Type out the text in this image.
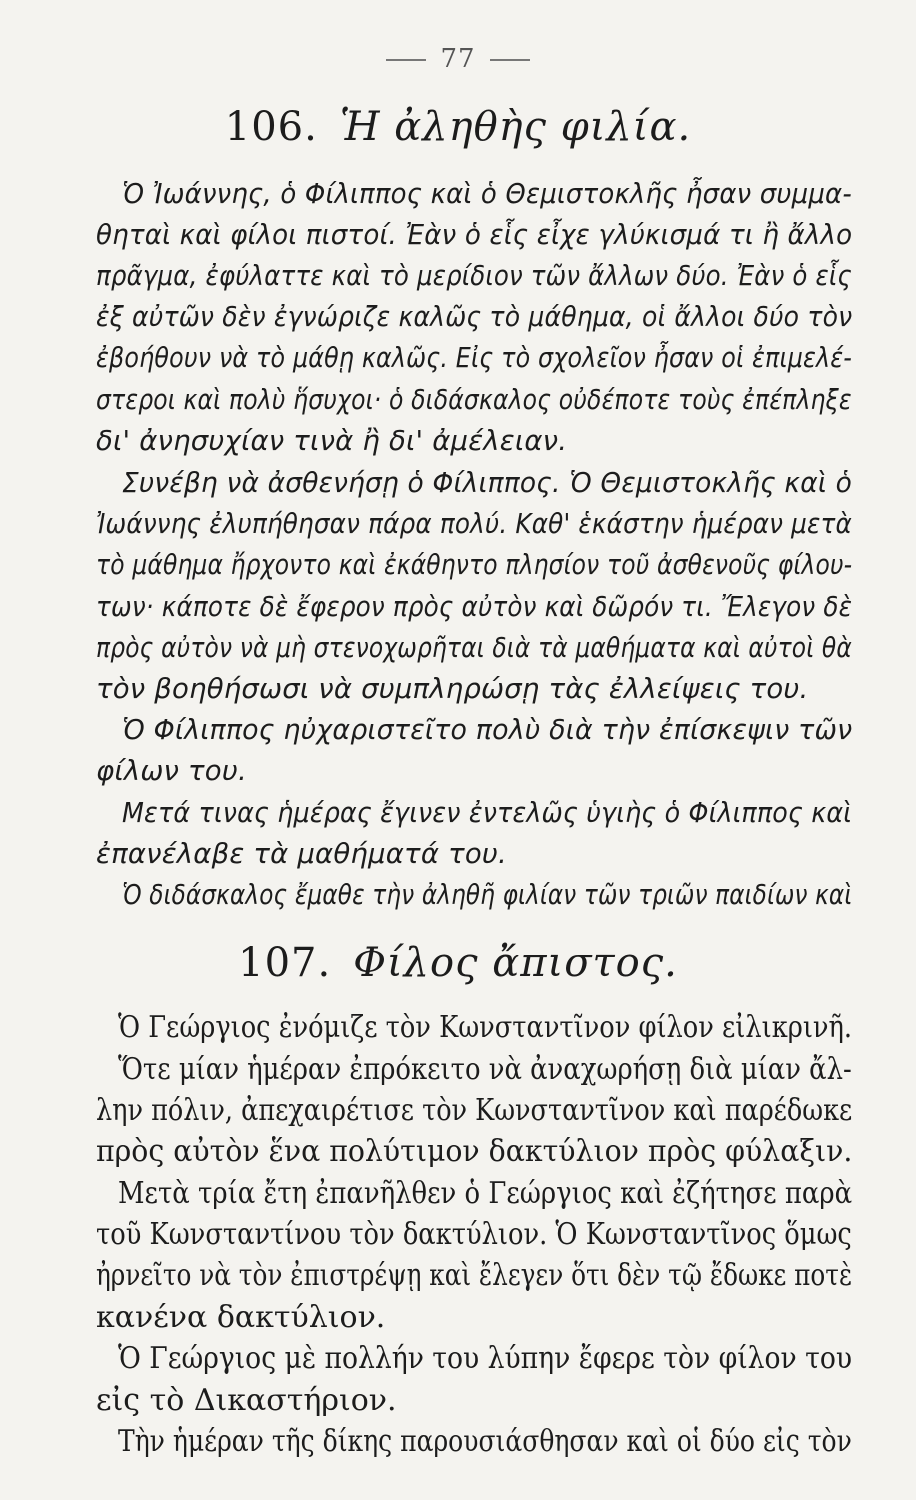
77
106. Ἡ ἀληθὴς φιλία.
Ὁ Ἰωάννης, ὁ Φίλιππος καὶ ὁ Θεμιστοκλῆς ἦσαν συμμα-
θηταὶ καὶ φίλοι πιστοί. Ἐὰν ὁ εἷς εἶχε γλύκισμά τι ἢ ἄλλο
πρᾶγμα, ἐφύλαττε καὶ τὸ μερίδιον τῶν ἄλλων δύο. Ἐὰν ὁ εἷς
ἐξ αὐτῶν δὲν ἐγνώριζε καλῶς τὸ μάθημα, οἱ ἄλλοι δύο τὸν
ἐβοήθουν νὰ τὸ μάθῃ καλῶς. Εἰς τὸ σχολεῖον ἦσαν οἱ ἐπιμελέ-
στεροι καὶ πολὺ ἥσυχοι· ὁ διδάσκαλος οὐδέποτε τοὺς ἐπέπληξε
δι' ἀνησυχίαν τινὰ ἢ δι' ἀμέλειαν.
Συνέβη νὰ ἀσθενήσῃ ὁ Φίλιππος. Ὁ Θεμιστοκλῆς καὶ ὁ
Ἰωάννης ἐλυπήθησαν πάρα πολύ. Καθ' ἑκάστην ἡμέραν μετὰ
τὸ μάθημα ἤρχοντο καὶ ἐκάθηντο πλησίον τοῦ ἀσθενοῦς φίλου-
των· κάποτε δὲ ἔφερον πρὸς αὐτὸν καὶ δῶρόν τι. Ἔλεγον δὲ
πρὸς αὐτὸν νὰ μὴ στενοχωρῆται διὰ τὰ μαθήματα καὶ αὐτοὶ θὰ
τὸν βοηθήσωσι νὰ συμπληρώσῃ τὰς ἐλλείψεις του.
Ὁ Φίλιππος ηὐχαριστεῖτο πολὺ διὰ τὴν ἐπίσκεψιν τῶν
φίλων του.
Μετά τινας ἡμέρας ἔγινεν ἐντελῶς ὑγιὴς ὁ Φίλιππος καὶ
ἐπανέλαβε τὰ μαθήματά του.
Ὁ διδάσκαλος ἔμαθε τὴν ἀληθῆ φιλίαν τῶν τριῶν παιδίων καὶ
107. Φίλος ἄπιστος.
Ὁ Γεώργιος ἐνόμιζε τὸν Κωνσταντῖνον φίλον εἰλικρινῆ.
Ὅτε μίαν ἡμέραν ἐπρόκειτο νὰ ἀναχωρήσῃ διὰ μίαν ἄλ-
λην πόλιν, ἀπεχαιρέτισε τὸν Κωνσταντῖνον καὶ παρέδωκε
πρὸς αὐτὸν ἕνα πολύτιμον δακτύλιον πρὸς φύλαξιν.
Μετὰ τρία ἔτη ἐπανῆλθεν ὁ Γεώργιος καὶ ἐζήτησε παρὰ
τοῦ Κωνσταντίνου τὸν δακτύλιον. Ὁ Κωνσταντῖνος ὅμως
ἠρνεῖτο νὰ τὸν ἐπιστρέψῃ καὶ ἔλεγεν ὅτι δὲν τῷ ἔδωκε ποτὲ
κανένα δακτύλιον.
Ὁ Γεώργιος μὲ πολλήν του λύπην ἔφερε τὸν φίλον του
εἰς τὸ Δικαστήριον.
Τὴν ἡμέραν τῆς δίκης παρουσιάσθησαν καὶ οἱ δύο εἰς τὸν
